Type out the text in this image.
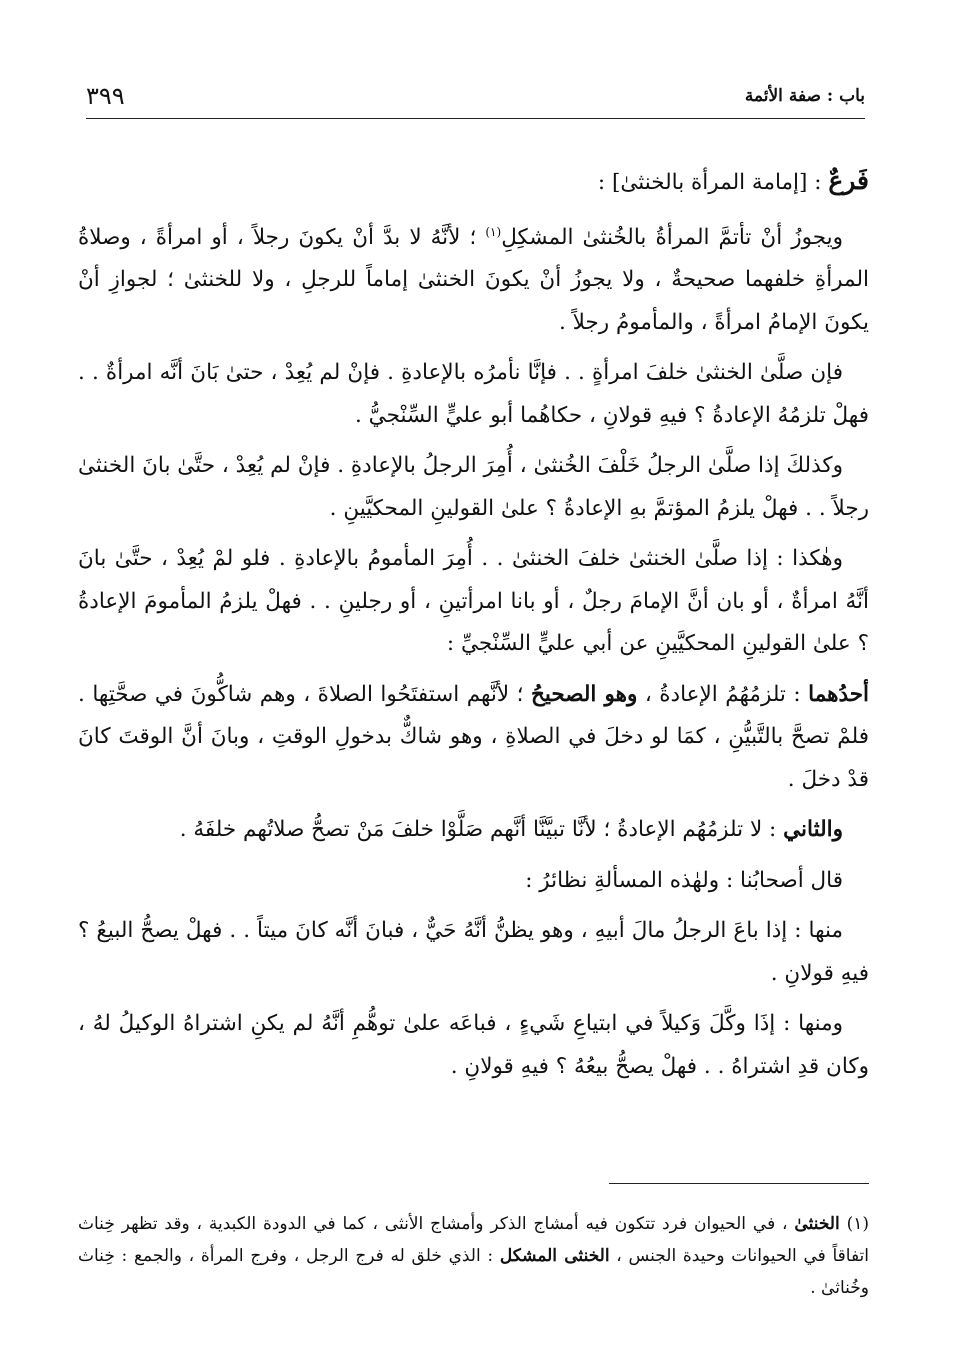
باب : صفة الأئمة
٣٩٩

فَرعٌ : [إمامة المرأة بالخنثىٰ] :

ويجوزُ أنْ تأتمَّ المرأةُ بالخُنثىٰ المشكِلِ$^{(١)}$ ؛ لأنَّهُ لا بدَّ أنْ يكونَ رجلاً ، أو امرأةً ، وصلاةُ المرأةِ خلفهما صحيحةٌ ، ولا يجوزُ أنْ يكونَ الخنثىٰ إماماً للرجلِ ، ولا للخنثىٰ ؛ لجوازِ أنْ يكونَ الإمامُ امرأةً ، والمأمومُ رجلاً .

فإن صلَّىٰ الخنثىٰ خلفَ امرأةٍ . . فإنَّا نأمرُه بالإعادةِ . فإنْ لم يُعِدْ ، حتىٰ بَانَ أنَّه امرأةٌ . . فهلْ تلزمُهُ الإعادةُ ؟ فيهِ قولانِ ، حكاهُما أبو عليٍّ السِّنْجيُّ .

وكذلكَ إذا صلَّىٰ الرجلُ خَلْفَ الخُنثىٰ ، أُمِرَ الرجلُ بالإعادةِ . فإنْ لم يُعِدْ ، حتَّىٰ بانَ الخنثىٰ رجلاً . . فهلْ يلزمُ المؤتمَّ بهِ الإعادةُ ؟ علىٰ القولينِ المحكيَّينِ .

وهٰكذا : إذا صلَّىٰ الخنثىٰ خلفَ الخنثىٰ . . أُمِرَ المأمومُ بالإعادةِ . فلو لمْ يُعِدْ ، حتَّىٰ بانَ أنَّهُ امرأةٌ ، أو بان أنَّ الإمامَ رجلٌ ، أو بانا امرأتينِ ، أو رجلينِ . . فهلْ يلزمُ المأمومَ الإعادةُ ؟ علىٰ القولينِ المحكيَّينِ عن أبي عليٍّ السِّنْجيِّ :

أحدُهما : تلزمُهُمُ الإعادةُ ، وهو الصحيحُ ؛ لأنَّهم استفتَحُوا الصلاةَ ، وهم شاكُّونَ في صحَّتِها . فلمْ تصحَّ بالتَّبيُّنِ ، كمَا لو دخلَ في الصلاةِ ، وهو شاكٌّ بدخولِ الوقتِ ، وبانَ أنَّ الوقتَ كانَ قدْ دخلَ .

والثاني : لا تلزمُهُم الإعادةُ ؛ لأنَّا تبيَّنَّا أنَّهم صَلَّوْا خلفَ مَنْ تصحُّ صلاتُهم خلفَهُ .

قال أصحابُنا : ولهٰذه المسألةِ نظائرُ :

منها : إذا باعَ الرجلُ مالَ أبيهِ ، وهو يظنُّ أنَّهُ حَيٌّ ، فبانَ أنَّه كانَ ميتاً . . فهلْ يصحُّ البيعُ ؟ فيهِ قولانِ .

ومنها : إذَا وكَّلَ وَكيلاً في ابتياعِ شَيءٍ ، فباعَه علىٰ توهُّمِ أنَّهُ لم يكنِ اشتراهُ الوكيلُ لهُ ، وكان قدِ اشتراهُ . . فهلْ يصحُّ بيعُهُ ؟ فيهِ قولانِ .

(١) الخنثىٰ ، في الحيوان فرد تتكون فيه أمشاج الذكر وأمشاج الأنثى ، كما في الدودة الكبدية ، وقد تظهر خِناث اتفاقاً في الحيوانات وحيدة الجنس ، الخنثى المشكل : الذي خلق له فرج الرجل ، وفرج المرأة ، والجمع : خِناث وخُناثىٰ .
